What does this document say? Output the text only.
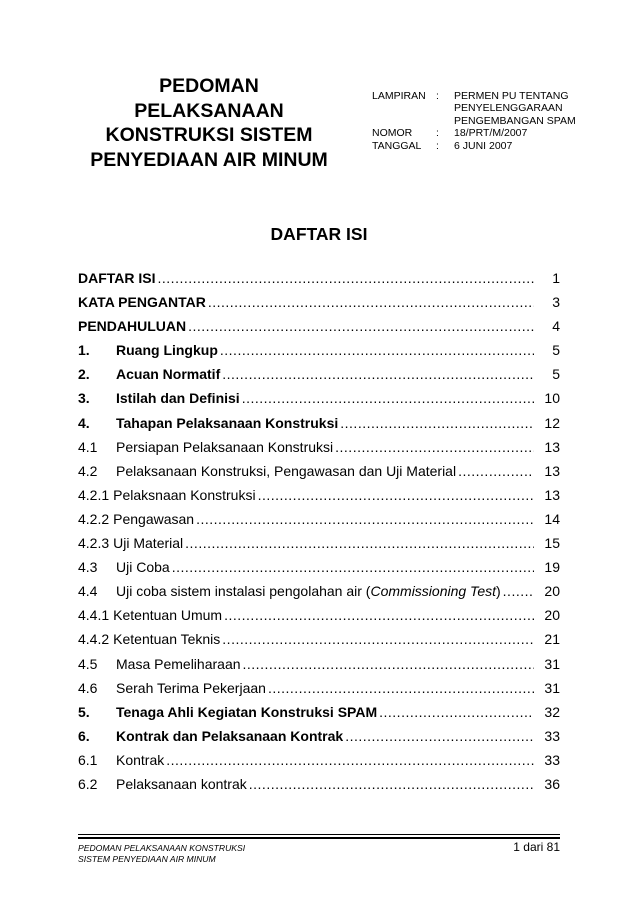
PEDOMAN
PELAKSANAAN
KONSTRUKSI SISTEM
PENYEDIAAN AIR MINUM
LAMPIRAN :	PERMEN PU TENTANG
PENYELENGGARAAN
PENGEMBANGAN SPAM
NOMOR	:	18/PRT/M/2007
TANGGAL	:	6 JUNI 2007
DAFTAR ISI
DAFTAR ISI .....	1
KATA PENGANTAR .....	3
PENDAHULUAN .....	4
1.	Ruang Lingkup .....	5
2.	Acuan Normatif .....	5
3.	Istilah dan Definisi .....	10
4.	Tahapan Pelaksanaan Konstruksi .....	12
4.1	Persiapan Pelaksanaan Konstruksi .....	13
4.2	Pelaksanaan Konstruksi, Pengawasan dan Uji Material .....	13
4.2.1 Pelaksnaan Konstruksi .....	13
4.2.2 Pengawasan .....	14
4.2.3 Uji Material .....	15
4.3	Uji Coba .....	19
4.4	Uji coba sistem instalasi pengolahan air (Commissioning Test) .....	20
4.4.1 Ketentuan Umum .....	20
4.4.2 Ketentuan Teknis .....	21
4.5	Masa Pemeliharaan .....	31
4.6	Serah Terima Pekerjaan .....	31
5.	Tenaga Ahli Kegiatan Konstruksi SPAM .....	32
6.	Kontrak dan Pelaksanaan Kontrak .....	33
6.1	Kontrak .....	33
6.2	Pelaksanaan kontrak .....	36
PEDOMAN PELAKSANAAN KONSTRUKSI
SISTEM PENYEDIAAN AIR MINUM
1 dari 81
